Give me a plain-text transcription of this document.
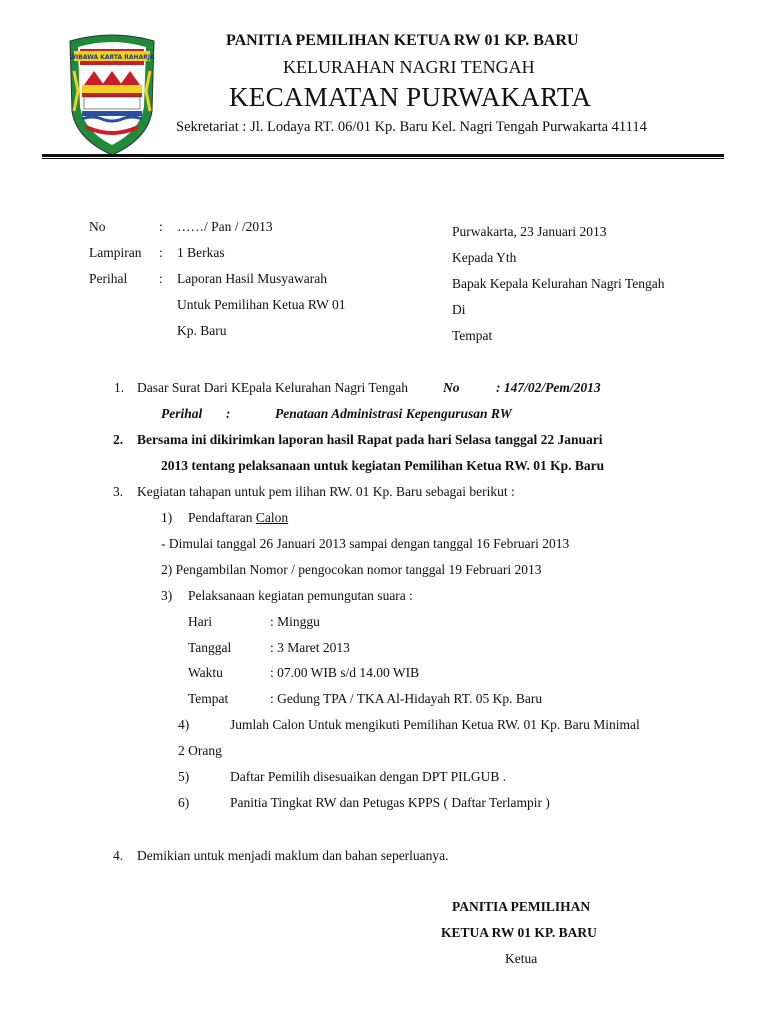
WIBAWA KARTA RAHARJA
PANITIA PEMILIHAN KETUA RW 01 KP. BARU
KELURAHAN NAGRI TENGAH
KECAMATAN PURWAKARTA
Sekretariat : Jl. Lodaya RT. 06/01 Kp. Baru Kel. Nagri Tengah Purwakarta 41114
No	: ……/ Pan / /2013
Lampiran : 1 Berkas
Perihal : Laporan Hasil Musyawarah
Untuk Pemilihan Ketua RW 01
Kp. Baru
Purwakarta, 23 Januari 2013
Kepada Yth
Bapak Kepala Kelurahan Nagri Tengah
Di
Tempat
1. Dasar Surat Dari KEpala Kelurahan Nagri Tengah	No	: 147/02/Pem/2013
Perihal :	Penataan Administrasi Kepengurusan RW
2. Bersama ini dikirimkan laporan hasil Rapat pada hari Selasa tanggal 22 Januari
2013 tentang pelaksanaan untuk kegiatan Pemilihan Ketua RW. 01 Kp. Baru
3. Kegiatan tahapan untuk pem ilihan RW. 01 Kp. Baru sebagai berikut :
1) Pendaftaran Calon
- Dimulai tanggal 26 Januari 2013 sampai dengan tanggal 16 Februari 2013
2) Pengambilan Nomor / pengocokan nomor tanggal 19 Februari 2013
3) Pelaksanaan kegiatan pemungutan suara :
Hari	: Minggu
Tanggal	: 3 Maret 2013
Waktu	: 07.00 WIB s/d 14.00 WIB
Tempat	: Gedung TPA / TKA Al-Hidayah RT. 05 Kp. Baru
4)	Jumlah Calon Untuk mengikuti Pemilihan Ketua RW. 01 Kp. Baru Minimal
2 Orang
5)	Daftar Pemilih disesuaikan dengan DPT PILGUB .
6)	Panitia Tingkat RW dan Petugas KPPS ( Daftar Terlampir )
4. Demikian untuk menjadi maklum dan bahan seperluanya.
PANITIA PEMILIHAN
KETUA RW 01 KP. BARU
Ketua
